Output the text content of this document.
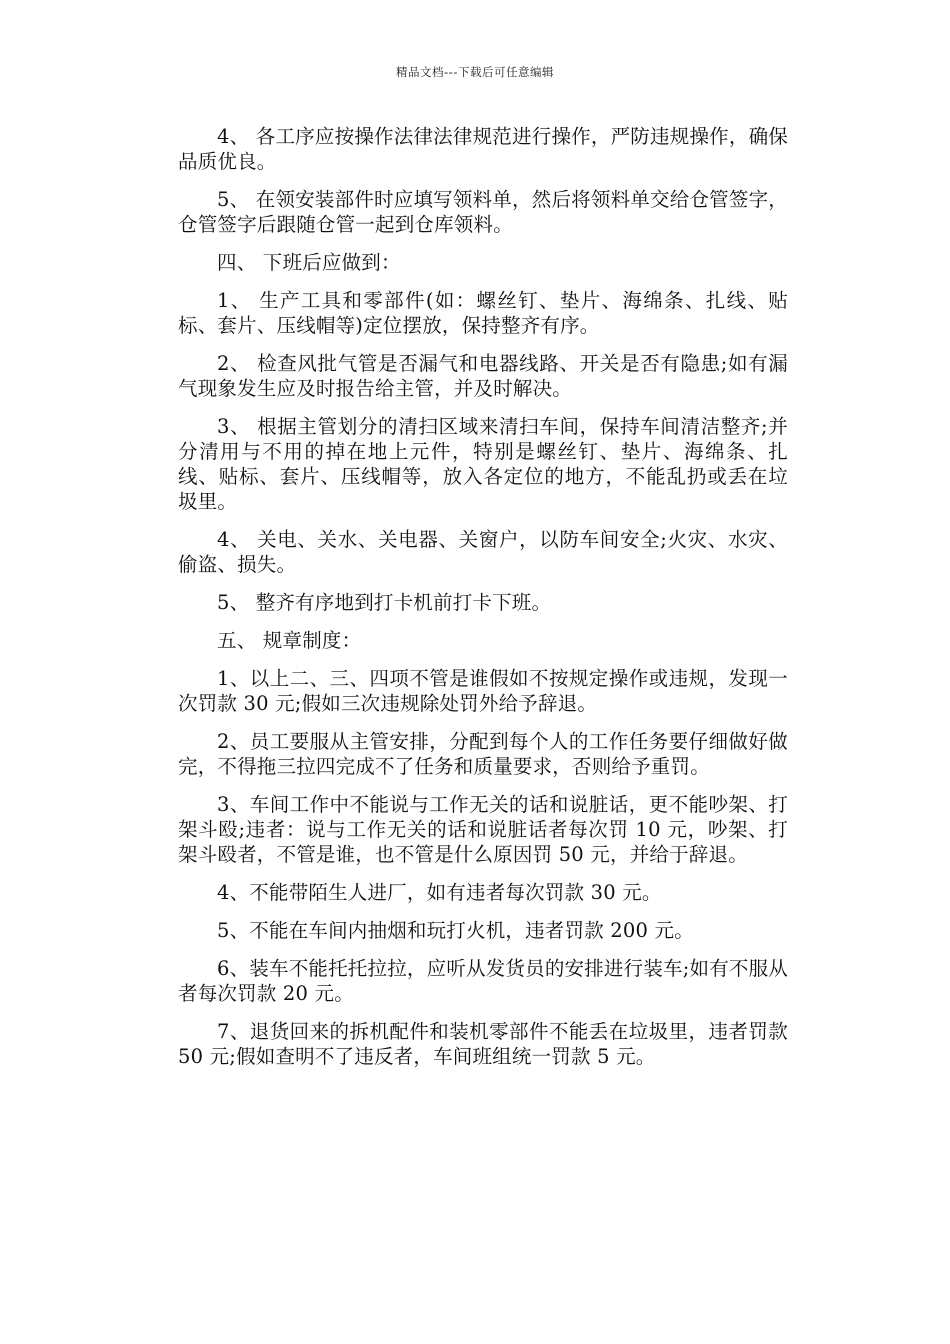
精品文档---下载后可任意编辑

4、 各工序应按操作法律法律规范进行操作，严防违规操作，确保品质优良。

5、 在领安装部件时应填写领料单，然后将领料单交给仓管签字，仓管签字后跟随仓管一起到仓库领料。

四、 下班后应做到：

1、 生产工具和零部件(如：螺丝钉、垫片、海绵条、扎线、贴标、套片、压线帽等)定位摆放，保持整齐有序。

2、 检查风批气管是否漏气和电器线路、开关是否有隐患;如有漏气现象发生应及时报告给主管，并及时解决。

3、 根据主管划分的清扫区域来清扫车间，保持车间清洁整齐;并分清用与不用的掉在地上元件，特别是螺丝钉、垫片、海绵条、扎线、贴标、套片、压线帽等，放入各定位的地方，不能乱扔或丢在垃圾里。

4、 关电、关水、关电器、关窗户，以防车间安全;火灾、水灾、偷盗、损失。

5、 整齐有序地到打卡机前打卡下班。

五、 规章制度：

1、以上二、三、四项不管是谁假如不按规定操作或违规，发现一次罚款 30 元;假如三次违规除处罚外给予辞退。

2、员工要服从主管安排，分配到每个人的工作任务要仔细做好做完，不得拖三拉四完成不了任务和质量要求，否则给予重罚。

3、车间工作中不能说与工作无关的话和说脏话，更不能吵架、打架斗殴;违者：说与工作无关的话和说脏话者每次罚 10 元，吵架、打架斗殴者，不管是谁，也不管是什么原因罚 50 元，并给于辞退。

4、不能带陌生人进厂，如有违者每次罚款 30 元。

5、不能在车间内抽烟和玩打火机，违者罚款 200 元。

6、装车不能托托拉拉，应听从发货员的安排进行装车;如有不服从者每次罚款 20 元。

7、退货回来的拆机配件和装机零部件不能丢在垃圾里，违者罚款 50 元;假如查明不了违反者，车间班组统一罚款 5 元。
